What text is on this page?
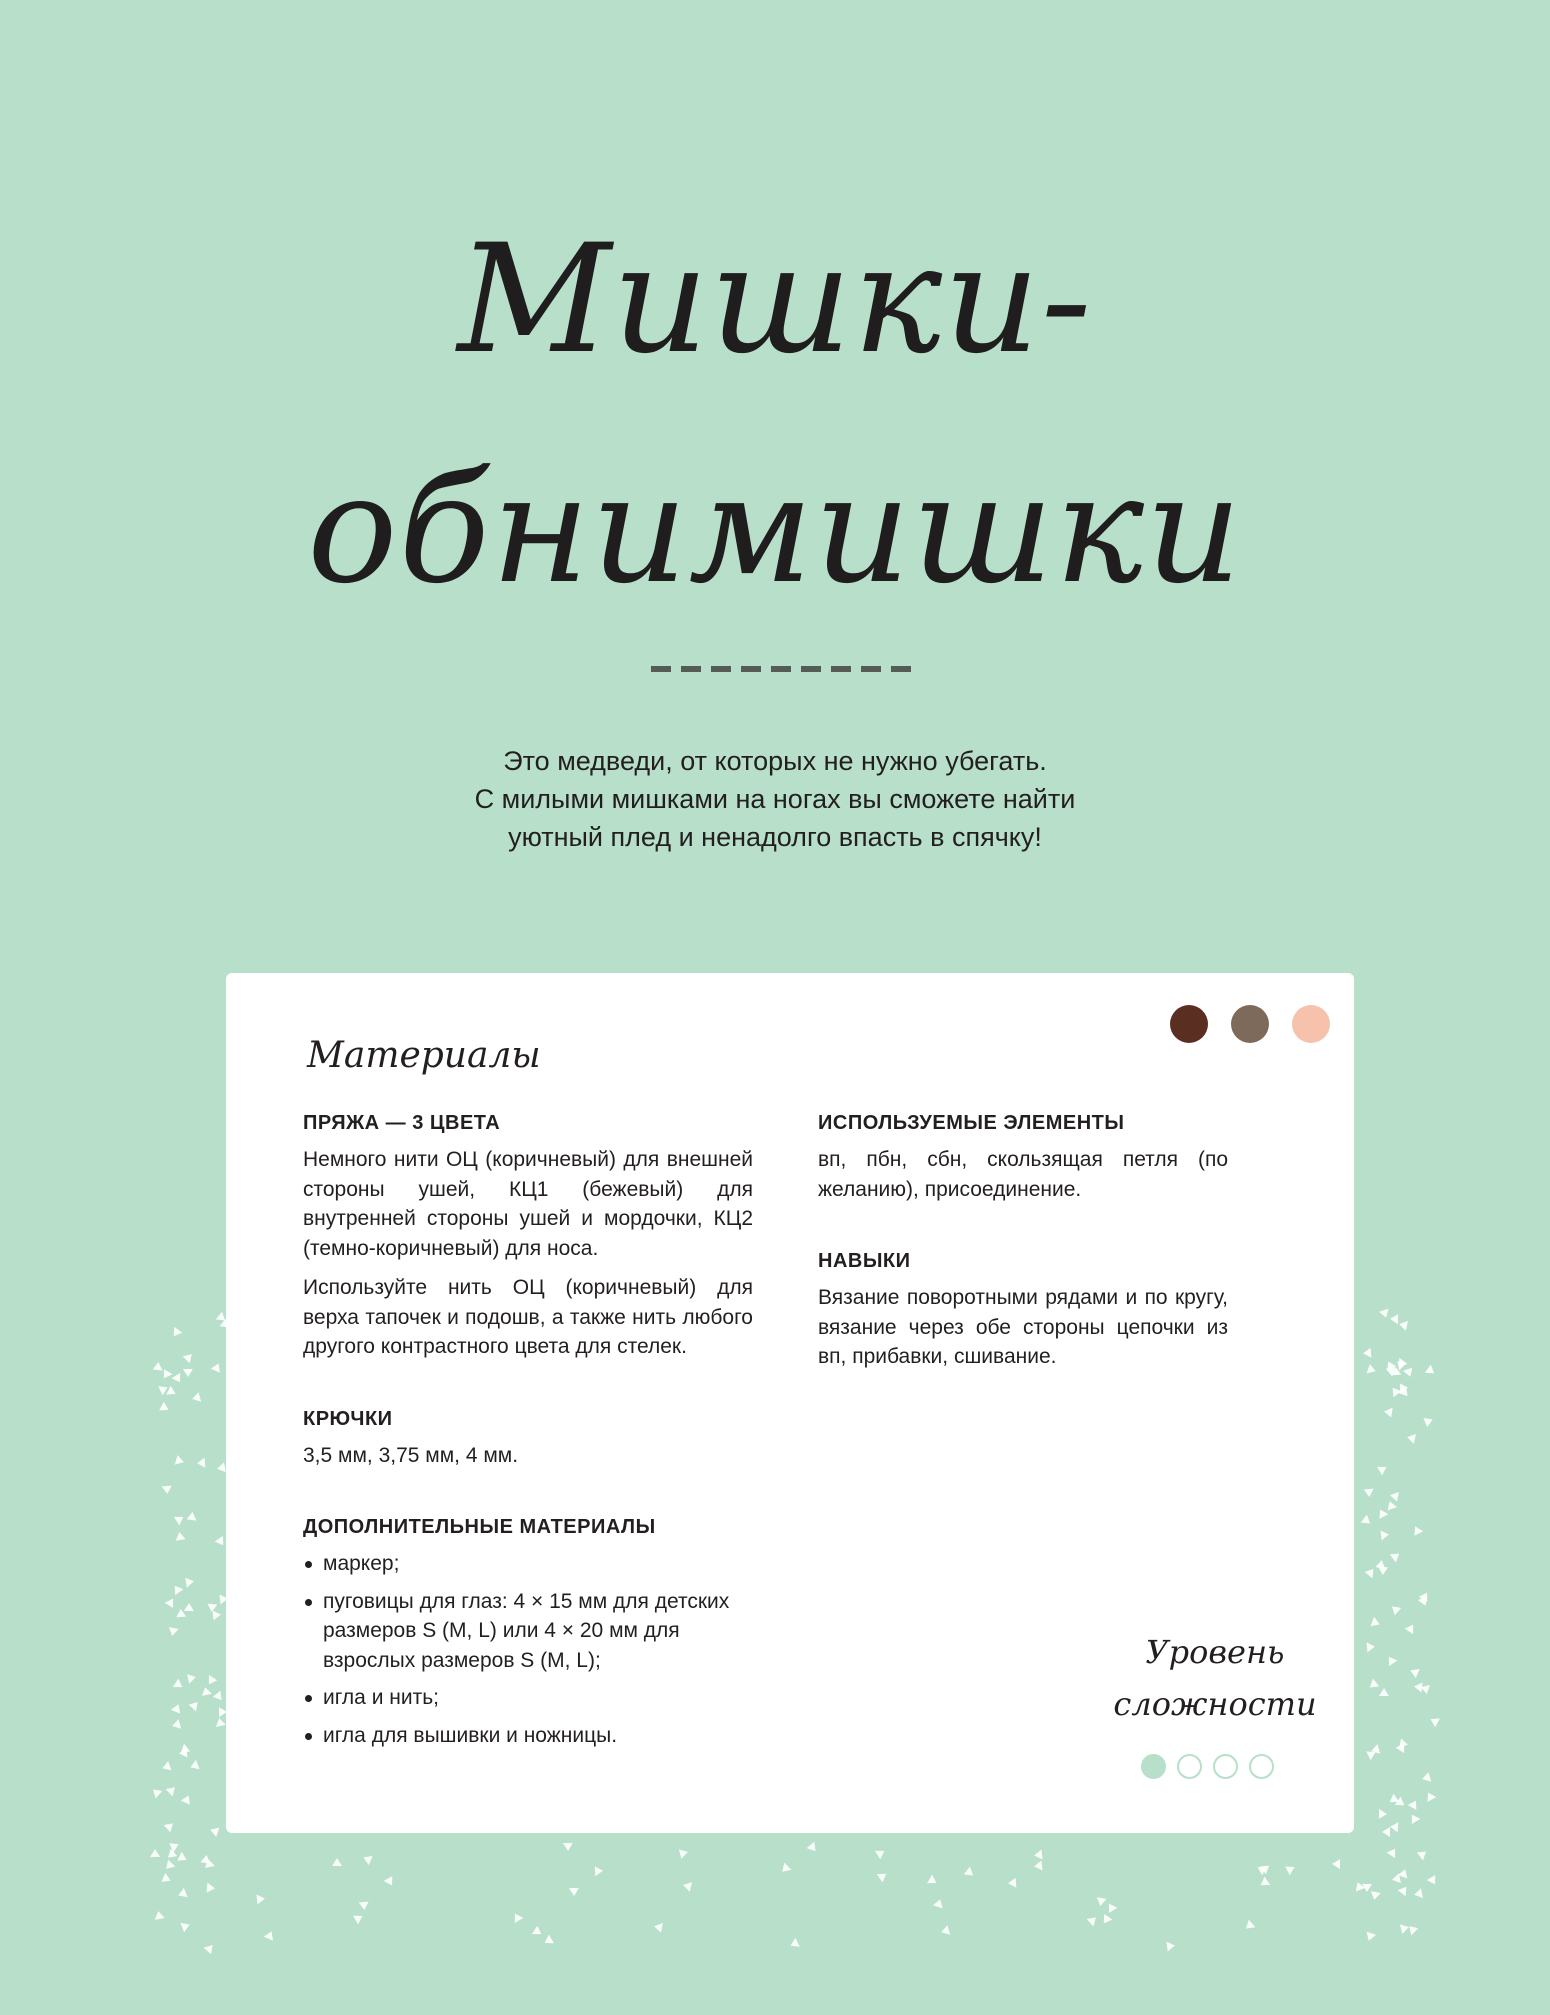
Мишки-
обнимишки
Это медведи, от которых не нужно убегать.
С милыми мишками на ногах вы сможете найти
уютный плед и ненадолго впасть в спячку!
Материалы
ПРЯЖА — 3 ЦВЕТА

Немного нити ОЦ (коричневый) для внешней стороны ушей, КЦ1 (бежевый) для внутренней стороны ушей и мордочки, КЦ2 (темно-коричневый) для носа.

Используйте нить ОЦ (коричневый) для верха тапочек и подошв, а также нить любого другого контрастного цвета для стелек.

КРЮЧКИ

3,5 мм, 3,75 мм, 4 мм.

ДОПОЛНИТЕЛЬНЫЕ МАТЕРИАЛЫ
маркер;
пуговицы для глаз: 4 × 15 мм для детских размеров S (M, L) или 4 × 20 мм для взрослых размеров S (M, L);
игла и нить;
игла для вышивки и ножницы.
ИСПОЛЬЗУЕМЫЕ ЭЛЕМЕНТЫ

вп, пбн, сбн, скользящая петля (по желанию), присоединение.

НАВЫКИ

Вязание поворотными рядами и по кругу, вязание через обе стороны цепочки из вп, прибавки, сшивание.

Уровень
сложности
